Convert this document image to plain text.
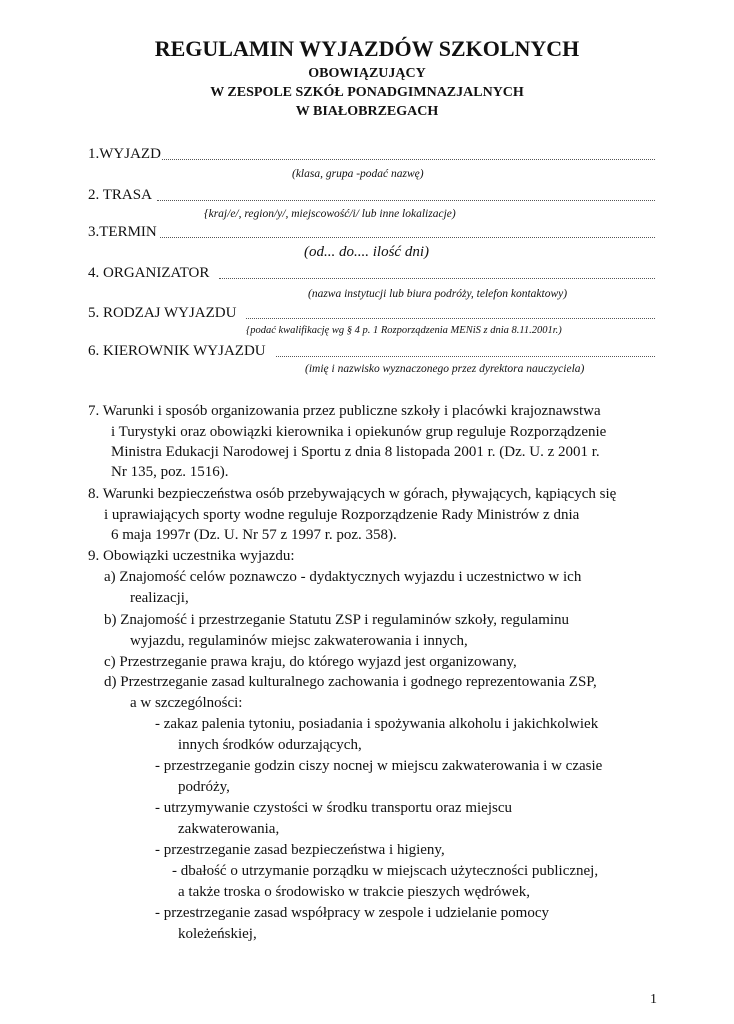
REGULAMIN WYJAZDÓW SZKOLNYCH
OBOWIĄZUJĄCY
W ZESPOLE SZKÓŁ PONADGIMNAZJALNYCH
W BIAŁOBRZEGACH
1.WYJAZD
(klasa, grupa -podać nazwę)
2. TRASA
{kraj/e/, region/y/, miejscowość/i/ lub inne lokalizacje)
3.TERMIN
(od... do.... ilość dni)
4. ORGANIZATOR
(nazwa instytucji lub biura podróży, telefon kontaktowy)
5. RODZAJ WYJAZDU
{podać kwalifikację wg § 4 p. 1 Rozporządzenia MENiS z dnia 8.11.2001r.)
6. KIEROWNIK WYJAZDU
(imię i nazwisko wyznaczonego przez dyrektora nauczyciela)
7. Warunki i sposób organizowania przez publiczne szkoły i placówki krajoznawstwa
i Turystyki oraz obowiązki kierownika i opiekunów grup reguluje Rozporządzenie
Ministra Edukacji Narodowej i Sportu z dnia 8 listopada 2001 r. (Dz. U. z 2001 r.
Nr 135, poz. 1516).
8. Warunki bezpieczeństwa osób przebywających w górach, pływających, kąpiących się
i uprawiających sporty wodne reguluje Rozporządzenie Rady Ministrów z dnia
6 maja 1997r (Dz. U. Nr 57 z 1997 r. poz. 358).
9. Obowiązki uczestnika wyjazdu:
a) Znajomość celów poznawczo - dydaktycznych wyjazdu i uczestnictwo w ich
realizacji,
b) Znajomość i przestrzeganie Statutu ZSP i regulaminów szkoły, regulaminu
wyjazdu, regulaminów miejsc zakwaterowania i innych,
c) Przestrzeganie prawa kraju, do którego wyjazd jest organizowany,
d) Przestrzeganie zasad kulturalnego zachowania i godnego reprezentowania ZSP,
a w szczególności:
- zakaz palenia tytoniu, posiadania i spożywania alkoholu i jakichkolwiek
innych środków odurzających,
- przestrzeganie godzin ciszy nocnej w miejscu zakwaterowania i w czasie
podróży,
- utrzymywanie czystości w środku transportu oraz miejscu
zakwaterowania,
- przestrzeganie zasad bezpieczeństwa i higieny,
- dbałość o utrzymanie porządku w miejscach użyteczności publicznej,
a także troska o środowisko w trakcie pieszych wędrówek,
- przestrzeganie zasad współpracy w zespole i udzielanie pomocy
koleżeńskiej,
1
